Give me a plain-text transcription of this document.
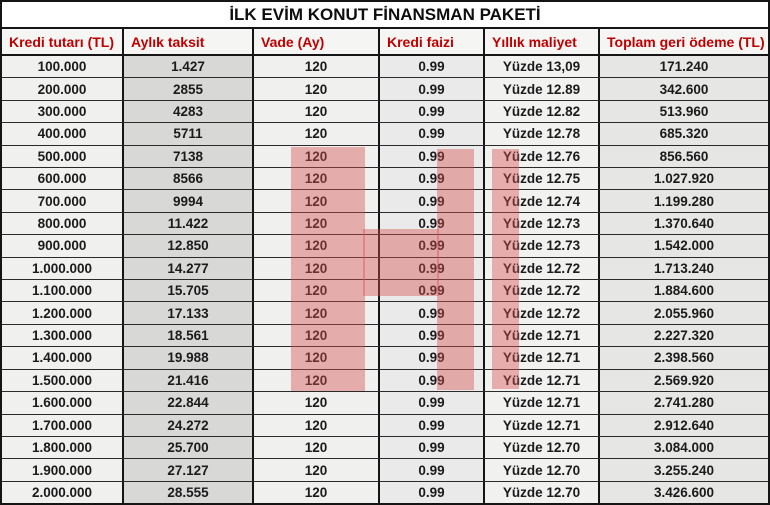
İLK EVİM KONUT FİNANSMAN PAKETİ
Kredi tutarı (TL)	Aylık taksit	Vade (Ay)	Kredi faizi	Yıllık maliyet	Toplam geri ödeme (TL)
100.000	1.427	120	0.99	Yüzde 13,09	171.240
200.000	2855	120	0.99	Yüzde 12.89	342.600
300.000	4283	120	0.99	Yüzde 12.82	513.960
400.000	5711	120	0.99	Yüzde 12.78	685.320
500.000	7138	120	0.99	Yüzde 12.76	856.560
600.000	8566	120	0.99	Yüzde 12.75	1.027.920
700.000	9994	120	0.99	Yüzde 12.74	1.199.280
800.000	11.422	120	0.99	Yüzde 12.73	1.370.640
900.000	12.850	120	0.99	Yüzde 12.73	1.542.000
1.000.000	14.277	120	0.99	Yüzde 12.72	1.713.240
1.100.000	15.705	120	0.99	Yüzde 12.72	1.884.600
1.200.000	17.133	120	0.99	Yüzde 12.72	2.055.960
1.300.000	18.561	120	0.99	Yüzde 12.71	2.227.320
1.400.000	19.988	120	0.99	Yüzde 12.71	2.398.560
1.500.000	21.416	120	0.99	Yüzde 12.71	2.569.920
1.600.000	22.844	120	0.99	Yüzde 12.71	2.741.280
1.700.000	24.272	120	0.99	Yüzde 12.71	2.912.640
1.800.000	25.700	120	0.99	Yüzde 12.70	3.084.000
1.900.000	27.127	120	0.99	Yüzde 12.70	3.255.240
2.000.000	28.555	120	0.99	Yüzde 12.70	3.426.600
